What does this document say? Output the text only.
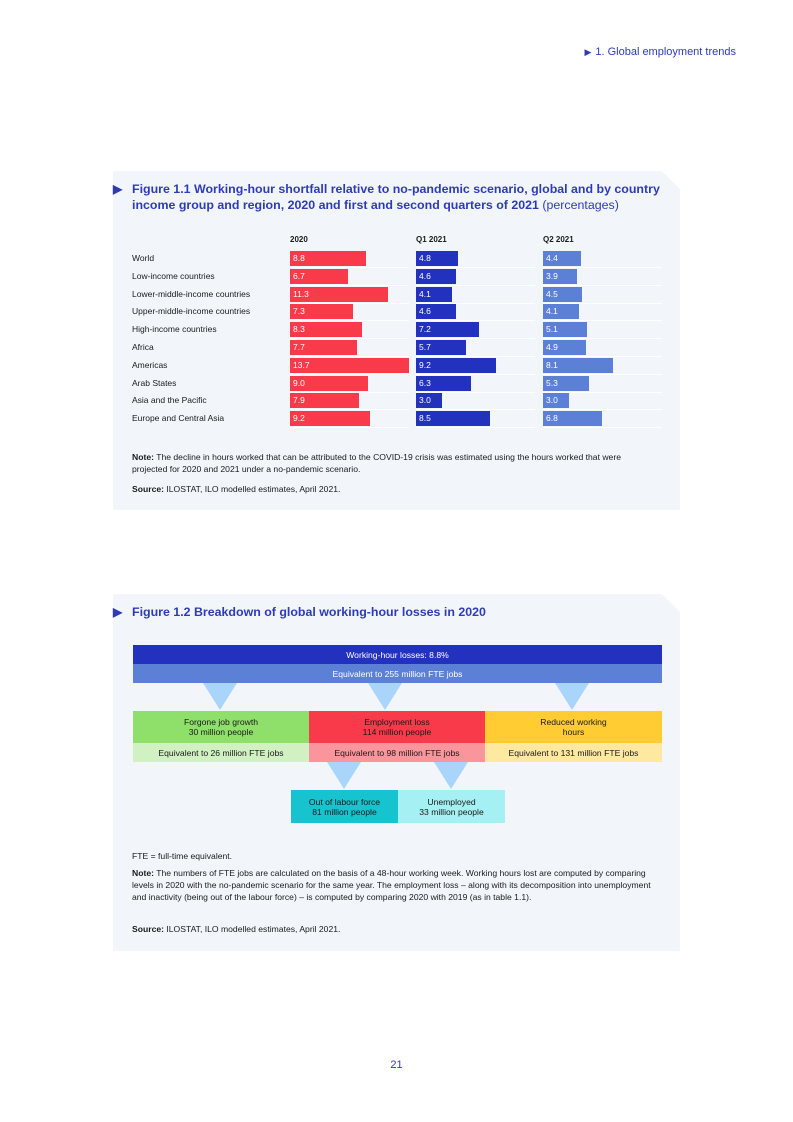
▶ 1. Global employment trends
▶ Figure 1.1 Working-hour shortfall relative to no-pandemic scenario, global and by country income group and region, 2020 and first and second quarters of 2021 (percentages)
2020	Q1 2021	Q2 2021
World	8.8	4.8	4.4
Low-income countries	6.7	4.6	3.9
Lower-middle-income countries	11.3	4.1	4.5
Upper-middle-income countries	7.3	4.6	4.1
High-income countries	8.3	7.2	5.1
Africa	7.7	5.7	4.9
Americas	13.7	9.2	8.1
Arab States	9.0	6.3	5.3
Asia and the Pacific	7.9	3.0	3.0
Europe and Central Asia	9.2	8.5	6.8
Note: The decline in hours worked that can be attributed to the COVID-19 crisis was estimated using the hours worked that were projected for 2020 and 2021 under a no-pandemic scenario.
Source: ILOSTAT, ILO modelled estimates, April 2021.
▶ Figure 1.2 Breakdown of global working-hour losses in 2020
Working-hour losses: 8.8%
Equivalent to 255 million FTE jobs
Forgone job growth
30 million people
Employment loss
114 million people
Reduced working
hours
Equivalent to 26 million FTE jobs	Equivalent to 98 million FTE jobs	Equivalent to 131 million FTE jobs
Out of labour force
81 million people
Unemployed
33 million people
FTE = full-time equivalent.
Note: The numbers of FTE jobs are calculated on the basis of a 48-hour working week. Working hours lost are computed by comparing levels in 2020 with the no-pandemic scenario for the same year. The employment loss – along with its decomposition into unemployment and inactivity (being out of the labour force) – is computed by comparing 2020 with 2019 (as in table 1.1).
Source: ILOSTAT, ILO modelled estimates, April 2021.
21
